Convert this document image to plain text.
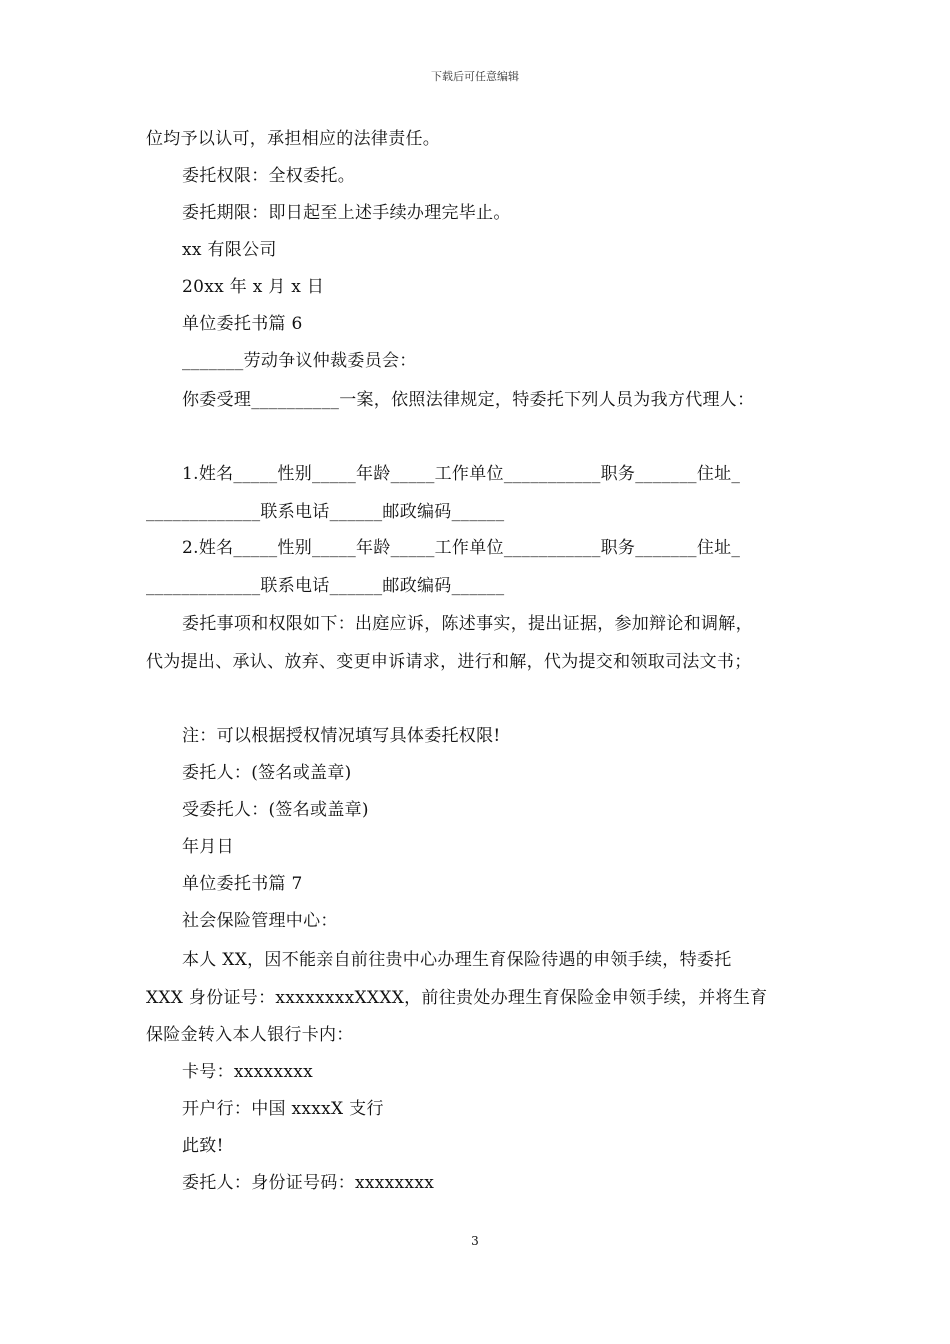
下载后可任意编辑
位均予以认可，承担相应的法律责任。
委托权限：全权委托。
委托期限：即日起至上述手续办理完毕止。
xx 有限公司
20xx 年 x 月 x 日
单位委托书篇 6
_______劳动争议仲裁委员会：
你委受理__________一案，依照法律规定，特委托下列人员为我方代理人：
1.姓名_____性别_____年龄_____工作单位___________职务_______住址_
_____________联系电话______邮政编码______
2.姓名_____性别_____年龄_____工作单位___________职务_______住址_
_____________联系电话______邮政编码______
委托事项和权限如下：出庭应诉，陈述事实，提出证据，参加辩论和调解，
代为提出、承认、放弃、变更申诉请求，进行和解，代为提交和领取司法文书；
注：可以根据授权情况填写具体委托权限!
委托人：(签名或盖章)
受委托人：(签名或盖章)
年月日
单位委托书篇 7
社会保险管理中心：
本人 XX，因不能亲自前往贵中心办理生育保险待遇的申领手续，特委托
XXX 身份证号：xxxxxxxxXXXX，前往贵处办理生育保险金申领手续，并将生育
保险金转入本人银行卡内：
卡号：xxxxxxxx
开户行：中国 xxxxX 支行
此致!
委托人：身份证号码：xxxxxxxx
3
